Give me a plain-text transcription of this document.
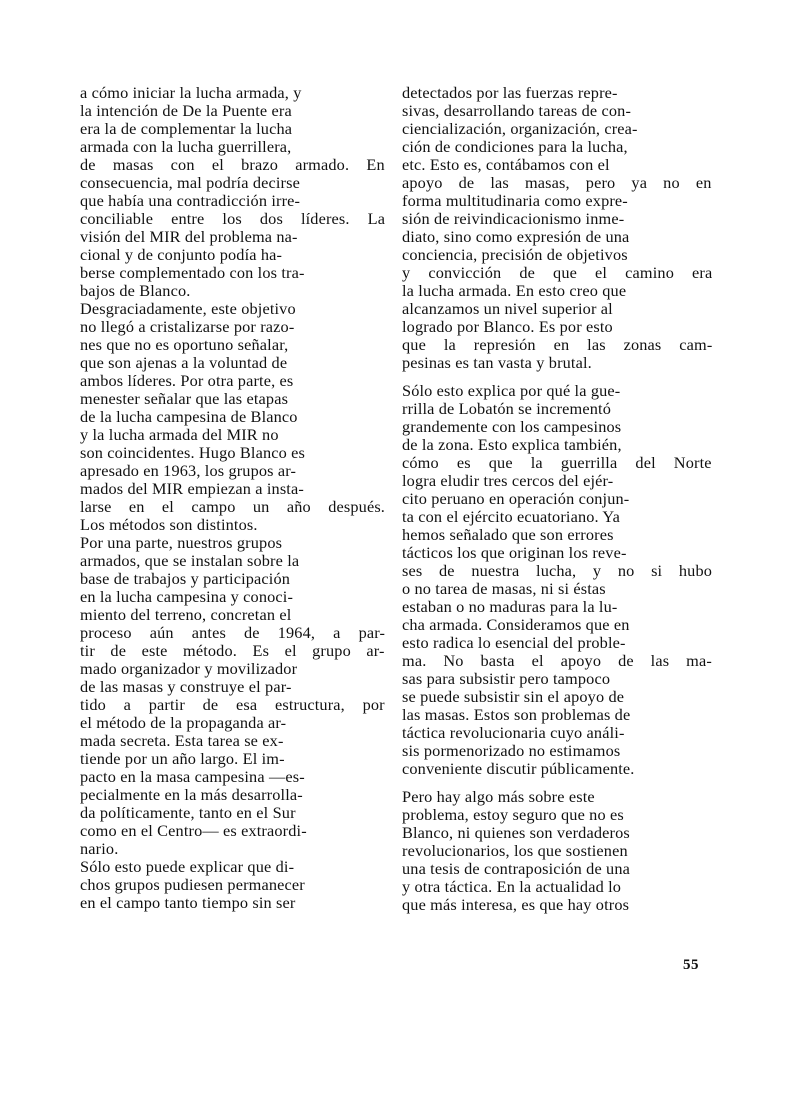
a cómo iniciar la lucha armada, y
la intención de De la Puente era
era la de complementar la lucha
armada con la lucha guerrillera,
de masas con el brazo armado. En
consecuencia, mal podría decirse
que había una contradicción irre-
conciliable entre los dos líderes. La
visión del MIR del problema na-
cional y de conjunto podía ha-
berse complementado con los tra-
bajos de Blanco.
Desgraciadamente, este objetivo
no llegó a cristalizarse por razo-
nes que no es oportuno señalar,
que son ajenas a la voluntad de
ambos líderes. Por otra parte, es
menester señalar que las etapas
de la lucha campesina de Blanco
y la lucha armada del MIR no
son coincidentes. Hugo Blanco es
apresado en 1963, los grupos ar-
mados del MIR empiezan a insta-
larse en el campo un año después.
Los métodos son distintos.
Por una parte, nuestros grupos
armados, que se instalan sobre la
base de trabajos y participación
en la lucha campesina y conoci-
miento del terreno, concretan el
proceso aún antes de 1964, a par-
tir de este método. Es el grupo ar-
mado organizador y movilizador
de las masas y construye el par-
tido a partir de esa estructura, por
el método de la propaganda ar-
mada secreta. Esta tarea se ex-
tiende por un año largo. El im-
pacto en la masa campesina —es-
pecialmente en la más desarrolla-
da políticamente, tanto en el Sur
como en el Centro— es extraordi-
nario.
Sólo esto puede explicar que di-
chos grupos pudiesen permanecer
en el campo tanto tiempo sin ser
detectados por las fuerzas repre-
sivas, desarrollando tareas de con-
ciencialización, organización, crea-
ción de condiciones para la lucha,
etc. Esto es, contábamos con el
apoyo de las masas, pero ya no en
forma multitudinaria como expre-
sión de reivindicacionismo inme-
diato, sino como expresión de una
conciencia, precisión de objetivos
y convicción de que el camino era
la lucha armada. En esto creo que
alcanzamos un nivel superior al
logrado por Blanco. Es por esto
que la represión en las zonas cam-
pesinas es tan vasta y brutal.
Sólo esto explica por qué la gue-
rrilla de Lobatón se incrementó
grandemente con los campesinos
de la zona. Esto explica también,
cómo es que la guerrilla del Norte
logra eludir tres cercos del ejér-
cito peruano en operación conjun-
ta con el ejército ecuatoriano. Ya
hemos señalado que son errores
tácticos los que originan los reve-
ses de nuestra lucha, y no si hubo
o no tarea de masas, ni si éstas
estaban o no maduras para la lu-
cha armada. Consideramos que en
esto radica lo esencial del proble-
ma. No basta el apoyo de las ma-
sas para subsistir pero tampoco
se puede subsistir sin el apoyo de
las masas. Estos son problemas de
táctica revolucionaria cuyo análi-
sis pormenorizado no estimamos
conveniente discutir públicamente.
Pero hay algo más sobre este
problema, estoy seguro que no es
Blanco, ni quienes son verdaderos
revolucionarios, los que sostienen
una tesis de contraposición de una
y otra táctica. En la actualidad lo
que más interesa, es que hay otros
55
